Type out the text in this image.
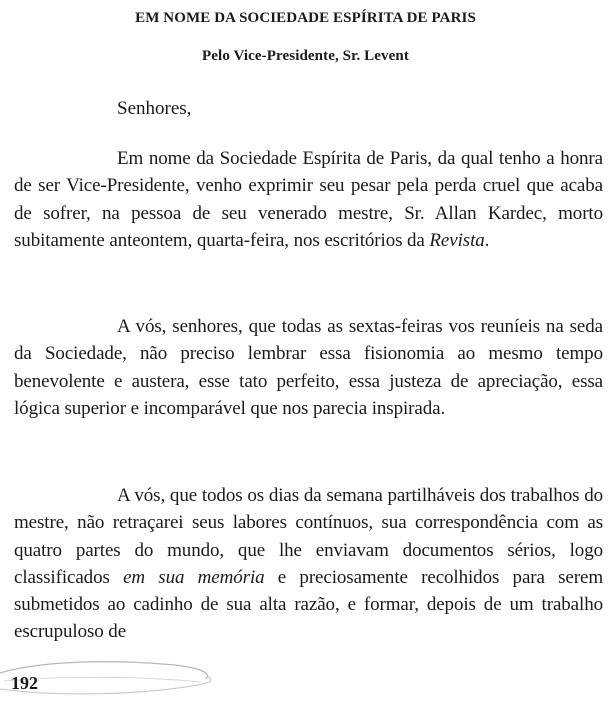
EM NOME DA SOCIEDADE ESPÍRITA DE PARIS
Pelo Vice-Presidente, Sr. Levent
Senhores,

Em nome da Sociedade Espírita de Paris, da qual tenho a honra de ser Vice-Presidente, venho exprimir seu pesar pela perda cruel que acaba de sofrer, na pessoa de seu venerado mestre, Sr. Allan Kardec, morto subitamente anteontem, quarta-feira, nos escritórios da Revista.

A vós, senhores, que todas as sextas-feiras vos reuníeis na seda da Sociedade, não preciso lembrar essa fisionomia ao mesmo tempo benevolente e austera, esse tato perfeito, essa justeza de apreciação, essa lógica superior e incomparável que nos parecia inspirada.

A vós, que todos os dias da semana partilháveis dos trabalhos do mestre, não retraçarei seus labores contínuos, sua correspondência com as quatro partes do mundo, que lhe enviavam documentos sérios, logo classificados em sua memória e preciosamente recolhidos para serem submetidos ao cadinho de sua alta razão, e formar, depois de um trabalho escrupuloso de

192
